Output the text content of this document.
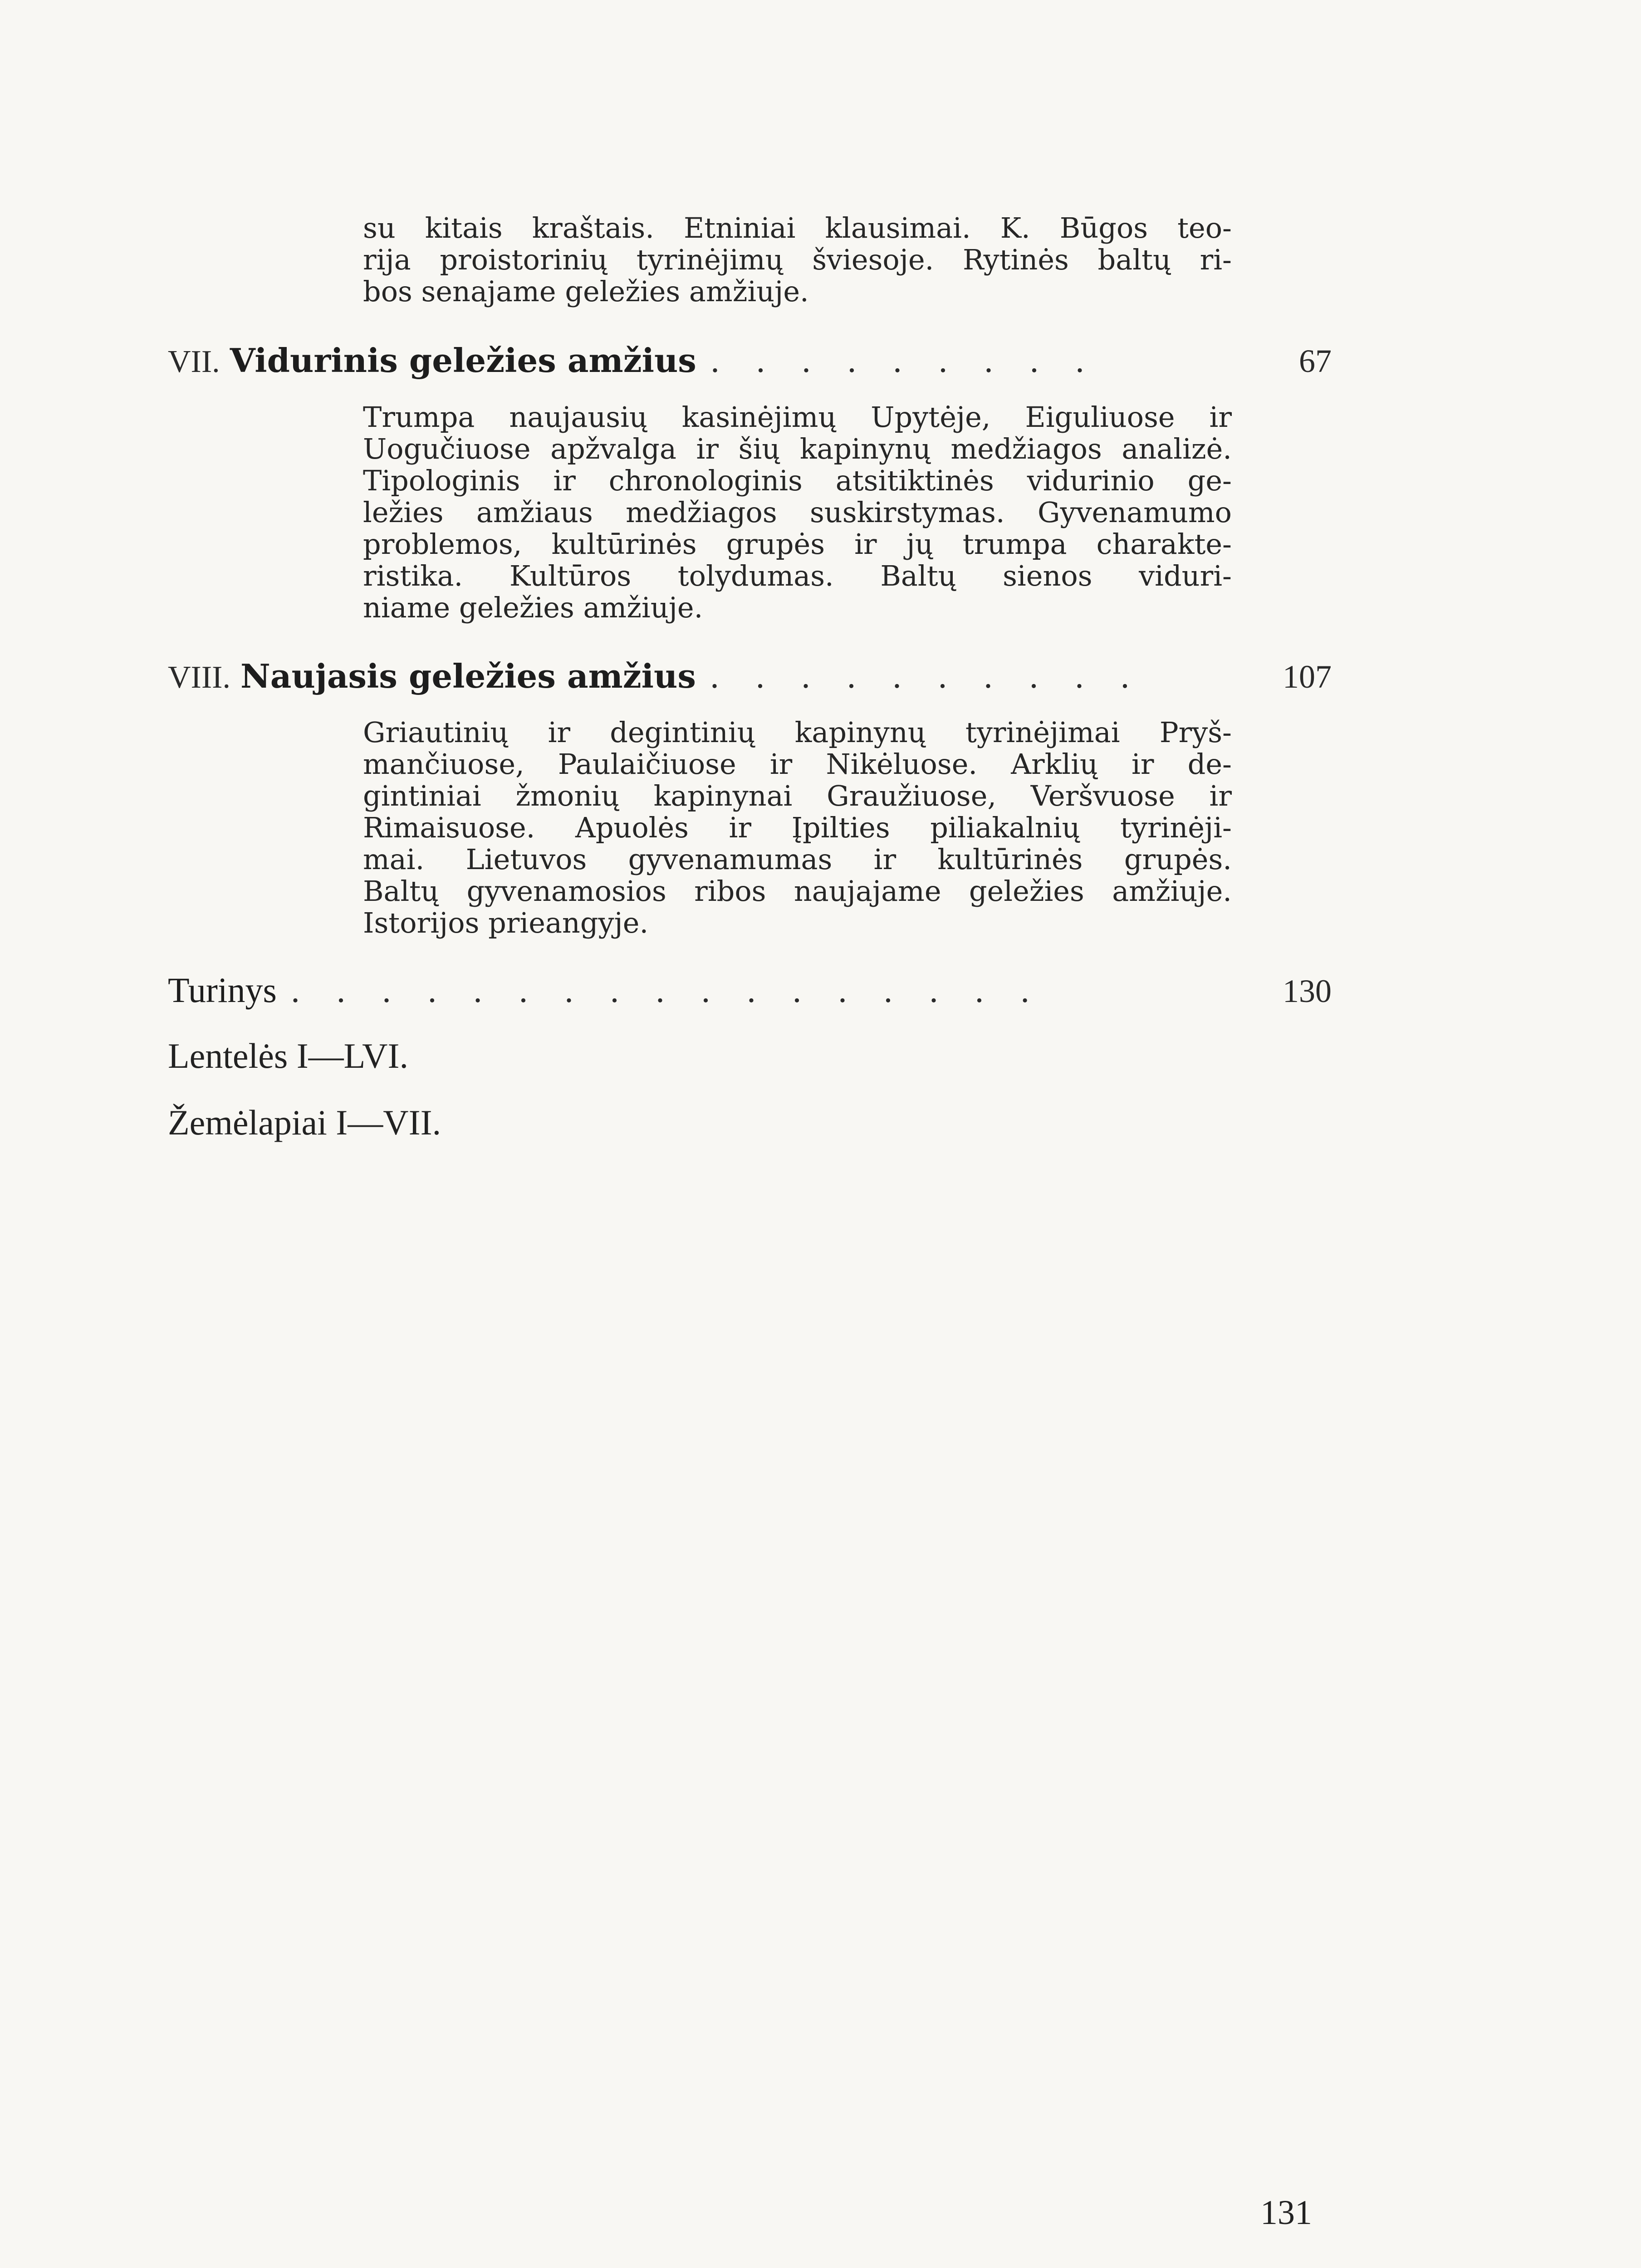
su kitais kraštais. Etniniai klausimai. K. Būgos teo-
rija proistorinių tyrinėjimų šviesoje. Rytinės baltų ri-
bos senajame geležies amžiuje.
VII. Vidurinis geležies amžius . . . . . . . . .	67
Trumpa naujausių kasinėjimų Upytėje, Eiguliuose ir
Uogučiuose apžvalga ir šių kapinynų medžiagos analizė.
Tipologinis ir chronologinis atsitiktinės vidurinio ge-
ležies amžiaus medžiagos suskirstymas. Gyvenamumo
problemos, kultūrinės grupės ir jų trumpa charakte-
ristika. Kultūros tolydumas. Baltų sienos viduri-
niame geležies amžiuje.
VIII. Naujasis geležies amžius . . . . . . . . . .	107
Griautinių ir degintinių kapinynų tyrinėjimai Pryš-
mančiuose, Paulaičiuose ir Nikėluose. Arklių ir de-
gintiniai žmonių kapinynai Graužiuose, Veršvuose ir
Rimaisuose. Apuolės ir Įpilties piliakalnių tyrinėji-
mai. Lietuvos gyvenamumas ir kultūrinės grupės.
Baltų gyvenamosios ribos naujajame geležies amžiuje.
Istorijos prieangyje.
Turinys . . . . . . . . . . . . . . . . .	130
Lentelės I—LVI.
Žemėlapiai I—VII.
131
